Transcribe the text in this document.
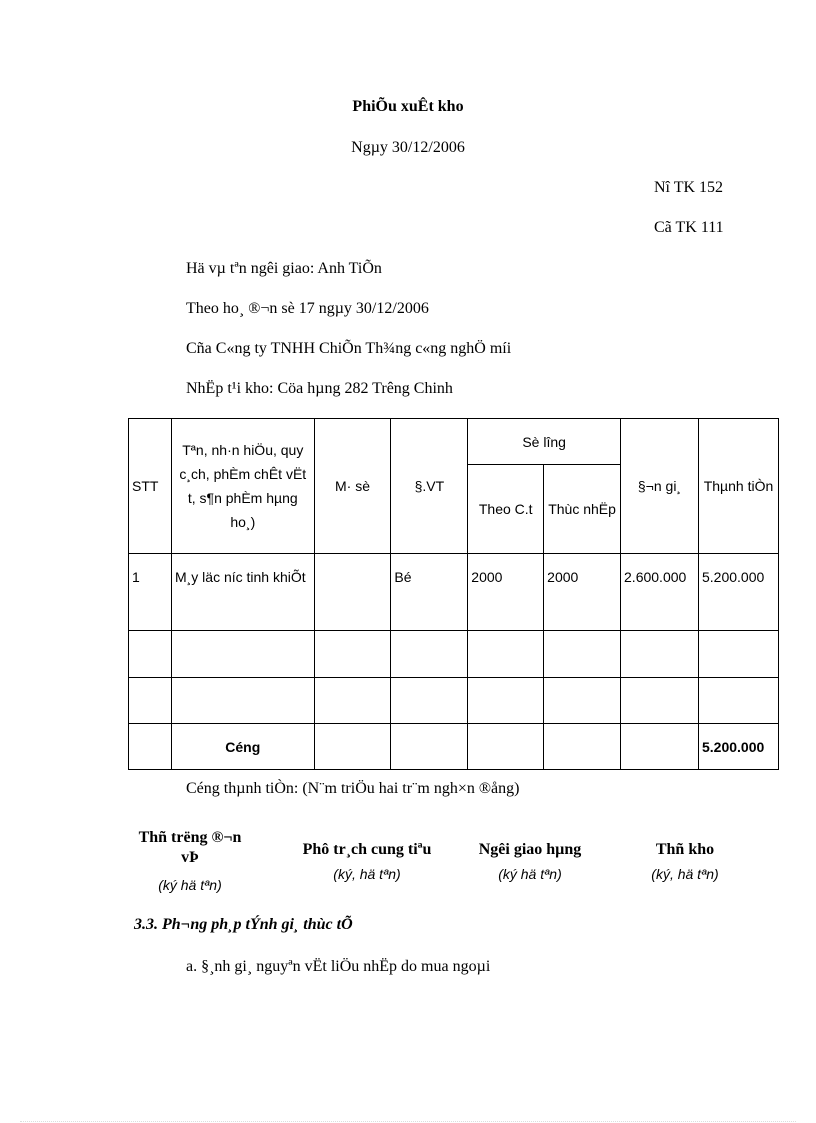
PhiÕu xuÊt kho
Ngµy 30/12/2006
Nî TK 152
Cã TK 111
Hä vµ tªn ngêi giao: Anh TiÕn
Theo ho¸ ®¬n sè 17 ngµy 30/12/2006
Cña C«ng ty TNHH ChiÕn Th¾ng c«ng nghÖ míi
NhËp t¹i kho: Cöa hµng 282 Trêng Chinh
STT	Tªn, nh·n hiÖu, quy c¸ch, phÈm chÊt vËt t, s¶n phÈm hµng ho¸)	M· sè	§.VT	Sè lîng		§¬n gi¸	Thµnh tiÒn
				Theo C.t	Thùc nhËp		
1	M¸y läc níc tinh khiÕt		Bé	2000	2000	2.600.000	5.200.000

	Céng						5.200.000
Céng thµnh tiÒn: (N¨m triÖu hai tr¨m ngh×n ®ång)
Thñ trëng ®¬n vÞ
(ký hä tªn)
Phô tr¸ch cung tiªu
(ký, hä tªn)
Ngêi giao hµng
(ký hä tªn)
Thñ kho
(ký, hä tªn)
3.3. Ph¬ng ph¸p tÝnh gi¸ thùc tÕ
a. §¸nh gi¸ nguyªn vËt liÖu nhËp do mua ngoµi
